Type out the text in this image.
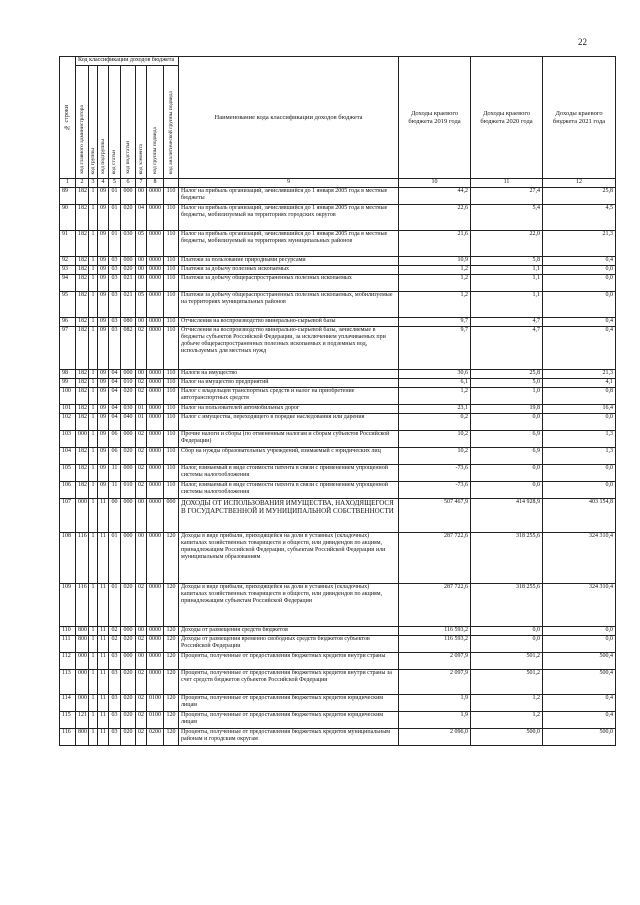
22
№ строки	Код классификации доходов бюджета								Наименование кода классификации доходов бюджета	Доходы краевого бюджета 2019 года	Доходы краевого бюджета 2020 года	Доходы краевого бюджета 2021 года

	код главного администратора	код группы	код подгруппы	код статьи	код подстатьи	код элемента	код группы подвида	код аналитической группы подвида				

1	2	3	4	5	6	7	8		9	10	11	12
89	182	1	09	01	000	00	0000	110	Налог на прибыль организаций, зачислявшийся до 1 января 2005 года в местные бюджеты	44,2	27,4	25,8
90	182	1	09	01	020	04	0000	110	Налог на прибыль организаций, зачислявшийся до 1 января 2005 года в местные бюджеты, мобилизуемый на территориях городских округов	22,6	5,4	4,5
91	182	1	09	01	030	05	0000	110	Налог на прибыль организаций, зачислявшийся до 1 января 2005 года в местные бюджеты, мобилизуемый на территориях муниципальных районов	21,6	22,0	21,3
92	182	1	09	03	000	00	0000	110	Платежи за пользование природными ресурсами	10,9	5,8	0,4
93	182	1	09	03	020	00	0000	110	Платежи за добычу полезных ископаемых	1,2	1,1	0,0
94	182	1	09	03	021	00	0000	110	Платежи за добычу общераспространенных полезных ископаемых	1,2	1,1	0,0
95	182	1	09	03	021	05	0000	110	Платежи за добычу общераспространенных полезных ископаемых, мобилизуемые на территориях муниципальных районов	1,2	1,1	0,0
96	182	1	09	03	080	00	0000	110	Отчисления на воспроизводство минерально-сырьевой базы	9,7	4,7	0,4
97	182	1	09	03	082	02	0000	110	Отчисления на воспроизводство минерально-сырьевой базы, зачисляемые в бюджеты субъектов Российской Федерации, за исключением уплачиваемых при добыче общераспространенных полезных ископаемых и подземных вод, используемых для местных нужд	9,7	4,7	0,4
98	182	1	09	04	000	00	0000	110	Налоги на имущество	30,6	25,8	21,3
99	182	1	09	04	010	02	0000	110	Налог на имущество предприятий	6,1	5,0	4,1
100	182	1	09	04	020	02	0000	110	Налог с владельцев транспортных средств и налог на приобретение автотранспортных средств	1,2	1,0	0,8
101	182	1	09	04	030	01	0000	110	Налог на пользователей автомобильных дорог	23,1	19,8	16,4
102	182	1	09	04	040	01	0000	110	Налог с имущества, переходящего в порядке наследования или дарения	0,2	0,0	0,0
103	000	1	09	06	000	02	0000	110	Прочие налоги и сборы (по отмененным налогам и сборам субъектов Российской Федерации)	10,2	6,9	1,3
104	182	1	09	06	020	02	0000	110	Сбор на нужды образовательных учреждений, взимаемый с юридических лиц	10,2	6,9	1,3
105	182	1	09	11	000	02	0000	110	Налог, взимаемый в виде стоимости патента в связи с применением упрощенной системы налогообложения	-73,6	0,0	0,0
106	182	1	09	11	010	02	0000	110	Налог, взимаемый в виде стоимости патента в связи с применением упрощенной системы налогообложения	-73,6	0,0	0,0
107	000	1	11	00	000	00	0000	000	ДОХОДЫ ОТ ИСПОЛЬЗОВАНИЯ ИМУЩЕСТВА, НАХОДЯЩЕГОСЯ В ГОСУДАРСТВЕННОЙ И МУНИЦИПАЛЬНОЙ СОБСТВЕННОСТИ	507 467,9	414 928,9	403 154,8
108	116	1	11	01	000	00	0000	120	Доходы в виде прибыли, приходящейся на доли в уставных (складочных) капиталах хозяйственных товариществ и обществ, или дивидендов по акциям, принадлежащим Российской Федерации, субъектам Российской Федерации или муниципальным образованиям	287 722,6	318 255,6	324 310,4
109	116	1	11	01	020	02	0000	120	Доходы в виде прибыли, приходящейся на доли в уставных (складочных) капиталах хозяйственных товариществ и обществ, или дивидендов по акциям, принадлежащим субъектам Российской Федерации	287 722,6	318 255,6	324 310,4
110	800	1	11	02	000	00	0000	120	Доходы от размещения средств бюджетов	116 593,2	0,0	0,0
111	800	1	11	02	020	02	0000	120	Доходы от размещения временно свободных средств бюджетов субъектов Российской Федерации	116 593,2	0,0	0,0
112	000	1	11	03	000	00	0000	120	Проценты, полученные от предоставления бюджетных кредитов внутри страны	2 097,9	501,2	500,4
113	000	1	11	03	020	02	0000	120	Проценты, полученные от предоставления бюджетных кредитов внутри страны за счет средств бюджетов субъектов Российской Федерации	2 097,9	501,2	500,4
114	000	1	11	03	020	02	0100	120	Проценты, полученные от предоставления бюджетных кредитов юридическим лицам	1,9	1,2	0,4
115	121	1	11	03	020	02	0100	120	Проценты, полученные от предоставления бюджетных кредитов юридическим лицам	1,9	1,2	0,4
116	800	1	11	03	020	02	0200	120	Проценты, полученные от предоставления бюджетных кредитов муниципальным районам и городским округам	2 096,0	500,0	500,0
